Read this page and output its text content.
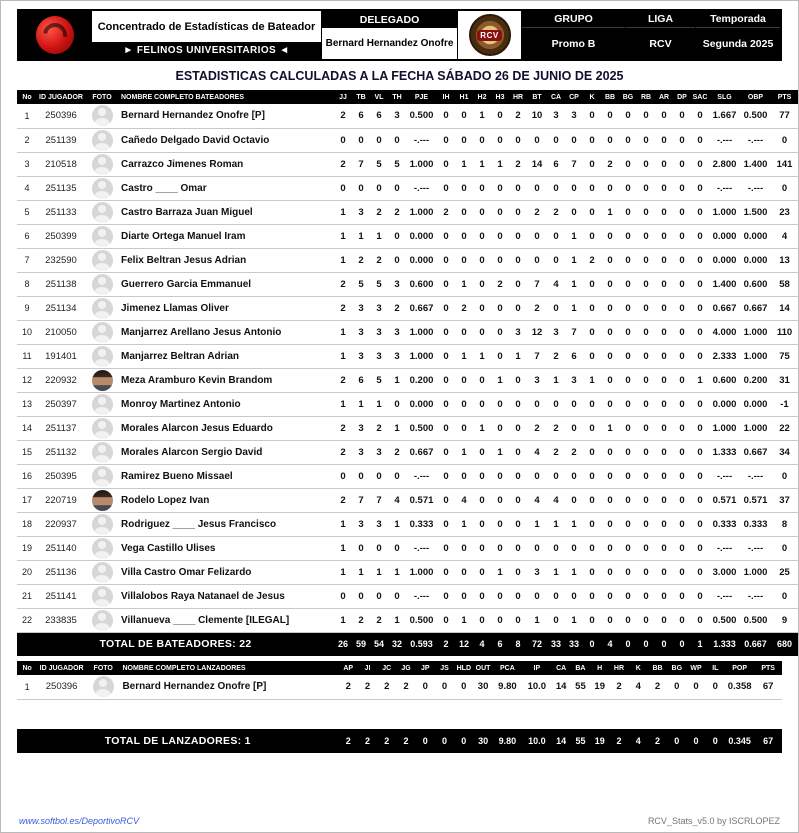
Concentrado de Estadísticas de Bateador
► FELINOS UNIVERSITARIOS ◄
DELEGADO
Bernard Hernandez Onofre
RCV
GRUPO
Promo B
LIGA
RCV
Temporada
Segunda 2025
ESTADISTICAS CALCULADAS A LA FECHA SÁBADO 26 DE JUNIO DE 2025
No	ID JUGADOR	FOTO	NOMBRE COMPLETO BATEADORES	JJ	TB	VL	TH	PJE	IH	H1	H2	H3	HR	BT	CA	CP	K	BB	BG	RB	AR	DP	SAC	SLG	OBP	PTS
1	250396		Bernard Hernandez Onofre [P]	2	6	6	3	0.500	0	0	1	0	2	10	3	3	0	0	0	0	0	0	0	1.667	0.500	77
2	251139		Cañedo Delgado David Octavio	0	0	0	0	-.---	0	0	0	0	0	0	0	0	0	0	0	0	0	0	0	-.---	-.---	0
3	210518		Carrazco Jimenes Roman	2	7	5	5	1.000	0	1	1	1	2	14	6	7	0	2	0	0	0	0	0	2.800	1.400	141
4	251135		Castro ____ Omar	0	0	0	0	-.---	0	0	0	0	0	0	0	0	0	0	0	0	0	0	0	-.---	-.---	0
5	251133		Castro Barraza Juan Miguel	1	3	2	2	1.000	2	0	0	0	0	2	2	0	0	1	0	0	0	0	0	1.000	1.500	23
6	250399		Diarte Ortega Manuel Iram	1	1	1	0	0.000	0	0	0	0	0	0	0	1	0	0	0	0	0	0	0	0.000	0.000	4
7	232590		Felix Beltran Jesus Adrian	1	2	2	0	0.000	0	0	0	0	0	0	0	1	2	0	0	0	0	0	0	0.000	0.000	13
8	251138		Guerrero Garcia Emmanuel	2	5	5	3	0.600	0	1	0	2	0	7	4	1	0	0	0	0	0	0	0	1.400	0.600	58
9	251134		Jimenez Llamas Oliver	2	3	3	2	0.667	0	2	0	0	0	2	0	1	0	0	0	0	0	0	0	0.667	0.667	14
10	210050		Manjarrez Arellano Jesus Antonio	1	3	3	3	1.000	0	0	0	0	3	12	3	7	0	0	0	0	0	0	0	4.000	1.000	110
11	191401		Manjarrez Beltran Adrian	1	3	3	3	1.000	0	1	1	0	1	7	2	6	0	0	0	0	0	0	0	2.333	1.000	75
12	220932		Meza Aramburo Kevin Brandom	2	6	5	1	0.200	0	0	0	1	0	3	1	3	1	0	0	0	0	0	1	0.600	0.200	31
13	250397		Monroy Martinez Antonio	1	1	1	0	0.000	0	0	0	0	0	0	0	0	0	0	0	0	0	0	0	0.000	0.000	-1
14	251137		Morales Alarcon Jesus Eduardo	2	3	2	1	0.500	0	0	1	0	0	2	2	0	0	1	0	0	0	0	0	1.000	1.000	22
15	251132		Morales Alarcon Sergio David	2	3	3	2	0.667	0	1	0	1	0	4	2	2	0	0	0	0	0	0	0	1.333	0.667	34
16	250395		Ramirez Bueno Missael	0	0	0	0	-.---	0	0	0	0	0	0	0	0	0	0	0	0	0	0	0	-.---	-.---	0
17	220719		Rodelo Lopez Ivan	2	7	7	4	0.571	0	4	0	0	0	4	4	0	0	0	0	0	0	0	0	0.571	0.571	37
18	220937		Rodriguez ____ Jesus Francisco	1	3	3	1	0.333	0	1	0	0	0	1	1	1	0	0	0	0	0	0	0	0.333	0.333	8
19	251140		Vega Castillo Ulises	1	0	0	0	-.---	0	0	0	0	0	0	0	0	0	0	0	0	0	0	0	-.---	-.---	0
20	251136		Villa Castro Omar Felizardo	1	1	1	1	1.000	0	0	0	1	0	3	1	1	0	0	0	0	0	0	0	3.000	1.000	25
21	251141		Villalobos Raya Natanael de Jesus	0	0	0	0	-.---	0	0	0	0	0	0	0	0	0	0	0	0	0	0	0	-.---	-.---	0
22	233835		Villanueva ____ Clemente [ILEGAL]	1	2	2	1	0.500	0	1	0	0	0	1	0	1	0	0	0	0	0	0	0	0.500	0.500	9
TOTAL DE BATEADORES: 22				26	59	54	32	0.593	2	12	4	6	8	72	33	33	0	4	0	0	0	0	1	1.333	0.667	680
No	ID JUGADOR	FOTO	NOMBRE COMPLETO LANZADORES	AP	JI	JC	JG	JP	JS	HLD	OUT	PCA	IP	CA	BA	H	HR	K	BB	BG	WP	IL	POP	PTS
1	250396		Bernard Hernandez Onofre [P]	2	2	2	2	0	0	0	30	9.80	10.0	14	55	19	2	4	2	0	0	0	0.358	67

TOTAL DE LANZADORES: 1				2	2	2	2	0	0	0	30	9.80	10.0	14	55	19	2	4	2	0	0	0	0.345	67
www.softbol.es/DeportivoRCV	RCV_Stats_v5.0 by ISCRLOPEZ
